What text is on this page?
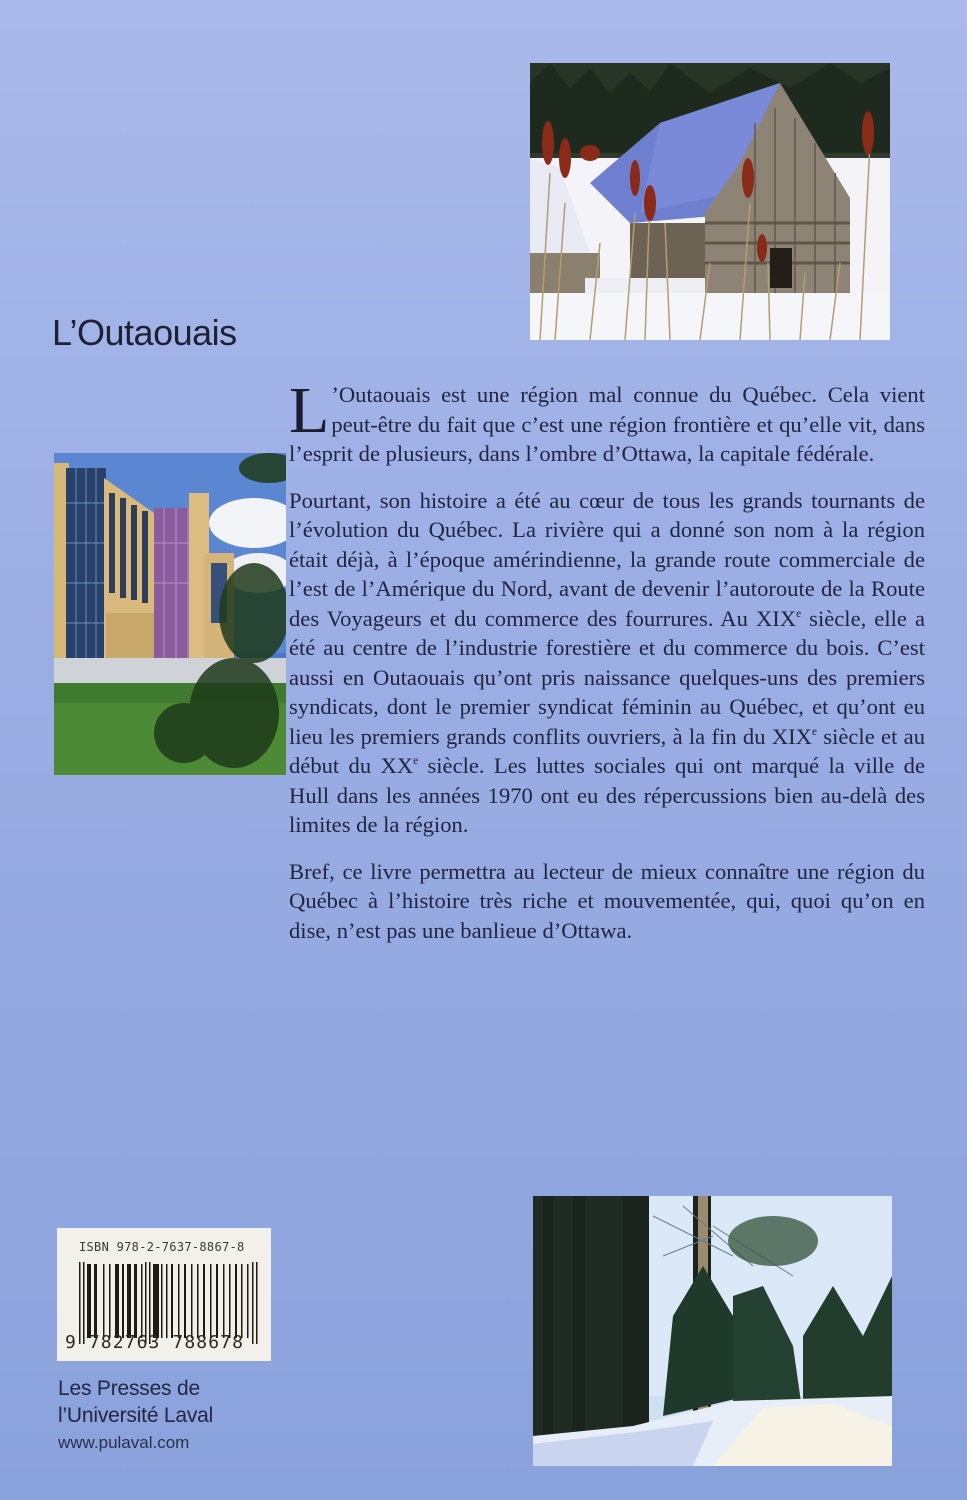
L’Outaouais

L ’Outaouais est une région mal connue du Québec. Cela vient peut-être du fait que c’est une région frontière et qu’elle vit, dans l’esprit de plusieurs, dans l’ombre d’Ottawa, la capitale fédérale.

Pourtant, son histoire a été au cœur de tous les grands tournants de l’évolution du Québec. La rivière qui a donné son nom à la région était déjà, à l’époque amérindienne, la grande route commerciale de l’est de l’Amérique du Nord, avant de devenir l’autoroute de la Route des Voyageurs et du commerce des fourrures. Au XIXe siècle, elle a été au centre de l’industrie forestière et du commerce du bois. C’est aussi en Outaouais qu’ont pris naissance quelques-uns des premiers syndicats, dont le premier syndicat féminin au Québec, et qu’ont eu lieu les premiers grands conflits ouvriers, à la fin du XIXe siècle et au début du XXe siècle. Les luttes sociales qui ont marqué la ville de Hull dans les années 1970 ont eu des répercussions bien au-delà des limites de la région.

Bref, ce livre permettra au lecteur de mieux connaître une région du Québec à l’histoire très riche et mouvementée, qui, quoi qu’on en dise, n’est pas une banlieue d’Ottawa.

ISBN 978-2-7637-8867-8
9 782763 788678
Les Presses de
l’Université Laval
www.pulaval.com
